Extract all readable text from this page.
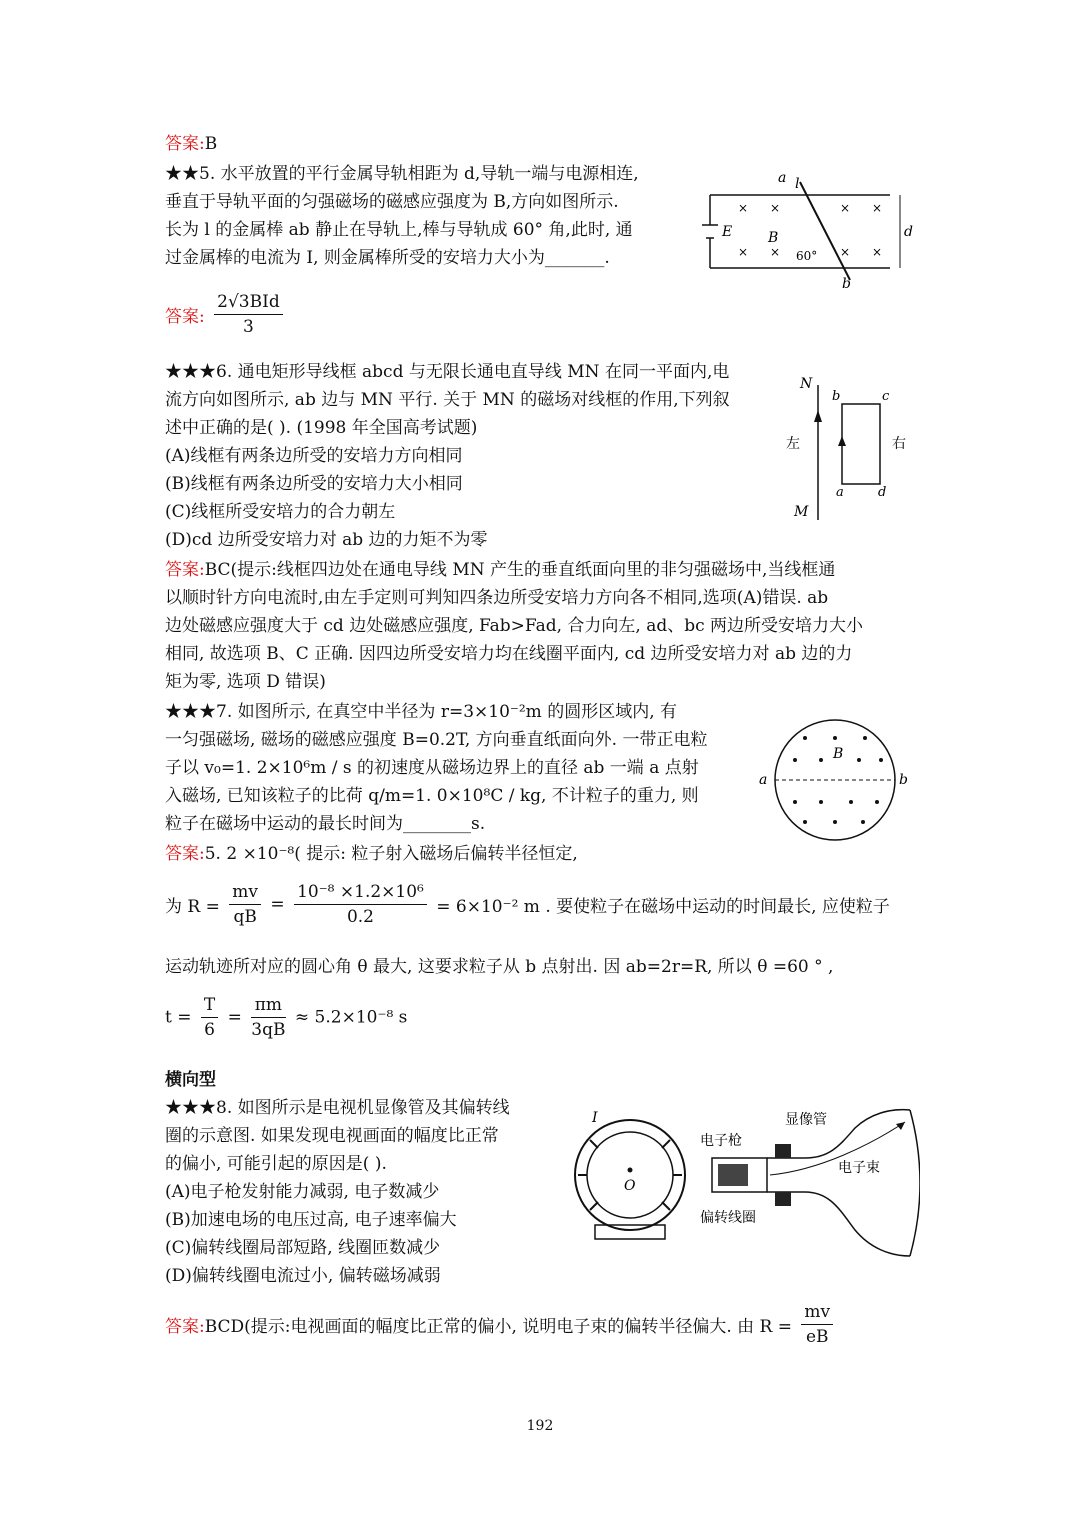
答案:B
★★5. 水平放置的平行金属导轨相距为 d,导轨一端与电源相连,
垂直于导轨平面的匀强磁场的磁感应强度为 B,方向如图所示.
长为 l 的金属棒 ab 静止在导轨上,棒与导轨成 60° 角,此时, 通
过金属棒的电流为 I, 则金属棒所受的安培力大小为_______.
× ×	× ×
× ×	× ×
a l
E	B
60°
d
b
答案: $\frac{\text{2√3BId}}{3}$
★★★6. 通电矩形导线框 abcd 与无限长通电直导线 MN 在同一平面内,电
流方向如图所示, ab 边与 MN 平行. 关于 MN 的磁场对线框的作用,下列叙
述中正确的是( ). (1998 年全国高考试题)
(A)线框有两条边所受的安培力方向相同
(B)线框有两条边所受的安培力大小相同
(C)线框所受安培力的合力朝左
(D)cd 边所受安培力对 ab 边的力矩不为零
N
M
b	c
a	d
左	右
答案:BC(提示:线框四边处在通电导线 MN 产生的垂直纸面向里的非匀强磁场中,当线框通
以顺时针方向电流时,由左手定则可判知四条边所受安培力方向各不相同,选项(A)错误. ab
边处磁感应强度大于 cd 边处磁感应强度, Fab>Fad, 合力向左, ad、bc 两边所受安培力大小
相同, 故选项 B、C 正确. 因四边所受安培力均在线圈平面内, cd 边所受安培力对 ab 边的力
矩为零, 选项 D 错误)
★★★7. 如图所示, 在真空中半径为 r=3×10⁻²m 的圆形区域内, 有
一匀强磁场, 磁场的磁感应强度 B=0.2T, 方向垂直纸面向外. 一带正电粒
子以 v₀=1. 2×10⁶m / s 的初速度从磁场边界上的直径 ab 一端 a 点射
入磁场, 已知该粒子的比荷 q/m=1. 0×10⁸C / kg, 不计粒子的重力, 则
粒子在磁场中运动的最长时间为________s.
B
a	b
答案:5. 2 ×10⁻⁸( 提示: 粒子射入磁场后偏转半径恒定,
为 $R = \frac{mv}{qB} = \frac{\text{10⁻⁸ ×1.2×10⁶}}{0.2} = 6\times 10^{-2}$ m . 要使粒子在磁场中运动的时间最长, 应使粒子
运动轨迹所对应的圆心角 θ 最大, 这要求粒子从 b 点射出. 因 ab=2r=R, 所以 θ =60 ° ,
$t = \frac{T}{6} = \frac{\pi m}{3qB} \approx 5.2\times 10^{-8}$ s
横向型
★★★8. 如图所示是电视机显像管及其偏转线
圈的示意图. 如果发现电视画面的幅度比正常
的偏小, 可能引起的原因是( ).
(A)电子枪发射能力减弱, 电子数减少
(B)加速电场的电压过高, 电子速率偏大
(C)偏转线圈局部短路, 线圈匝数减少
(D)偏转线圈电流过小, 偏转磁场减弱
I
O
显像管
电子枪
电子束
偏转线圈
答案:BCD(提示:电视画面的幅度比正常的偏小, 说明电子束的偏转半径偏大. 由 $R = \frac{mv}{eB}$
192
